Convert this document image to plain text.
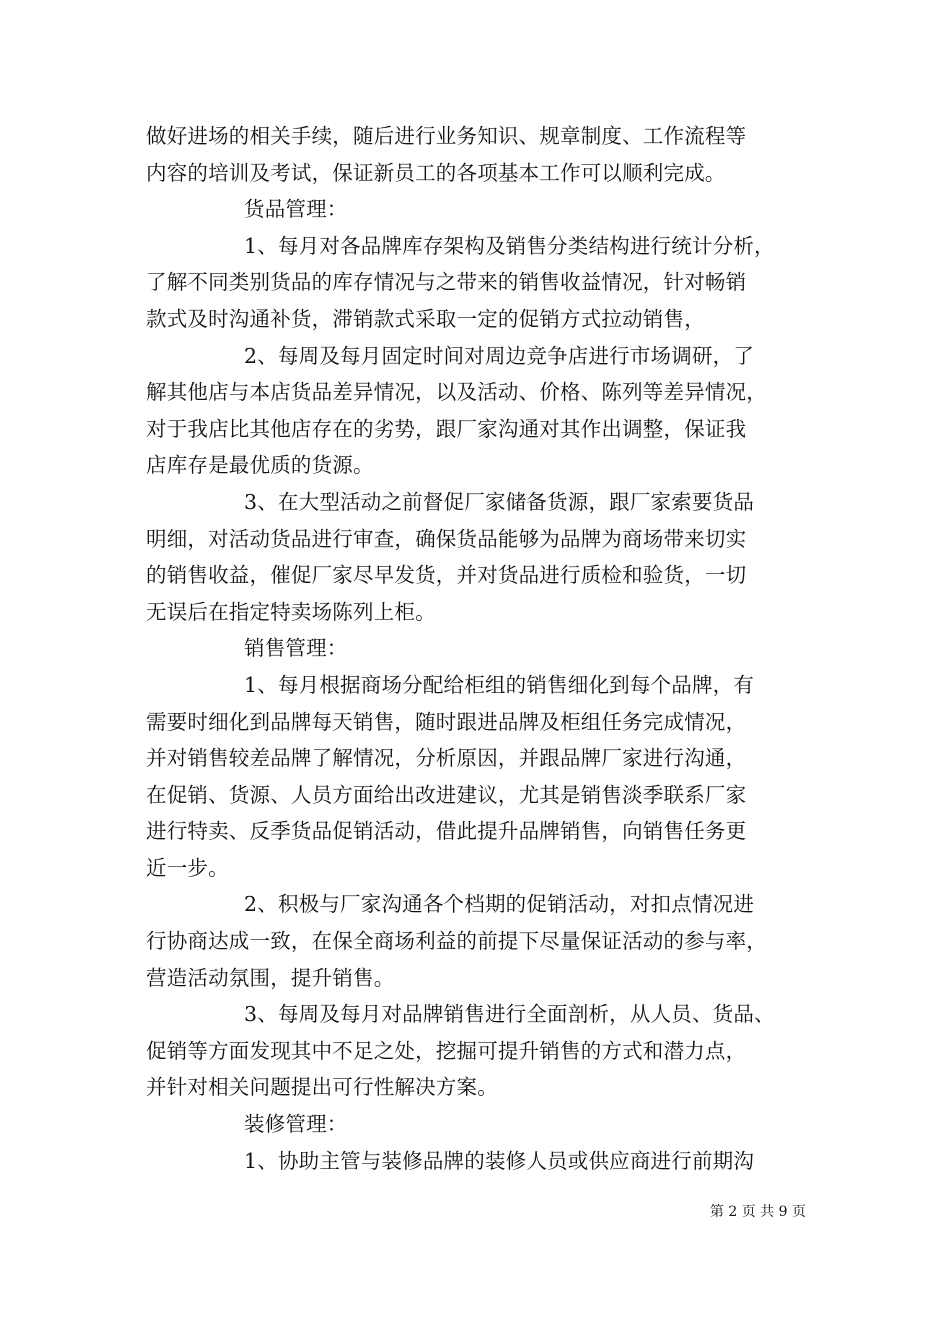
做好进场的相关手续，随后进行业务知识、规章制度、工作流程等
内容的培训及考试，保证新员工的各项基本工作可以顺利完成。
货品管理：
1、每月对各品牌库存架构及销售分类结构进行统计分析，
了解不同类别货品的库存情况与之带来的销售收益情况，针对畅销
款式及时沟通补货，滞销款式采取一定的促销方式拉动销售，
2、每周及每月固定时间对周边竞争店进行市场调研，了
解其他店与本店货品差异情况，以及活动、价格、陈列等差异情况，
对于我店比其他店存在的劣势，跟厂家沟通对其作出调整，保证我
店库存是最优质的货源。
3、在大型活动之前督促厂家储备货源，跟厂家索要货品
明细，对活动货品进行审查，确保货品能够为品牌为商场带来切实
的销售收益，催促厂家尽早发货，并对货品进行质检和验货，一切
无误后在指定特卖场陈列上柜。
销售管理：
1、每月根据商场分配给柜组的销售细化到每个品牌，有
需要时细化到品牌每天销售，随时跟进品牌及柜组任务完成情况，
并对销售较差品牌了解情况，分析原因，并跟品牌厂家进行沟通，
在促销、货源、人员方面给出改进建议，尤其是销售淡季联系厂家
进行特卖、反季货品促销活动，借此提升品牌销售，向销售任务更
近一步。
2、积极与厂家沟通各个档期的促销活动，对扣点情况进
行协商达成一致，在保全商场利益的前提下尽量保证活动的参与率，
营造活动氛围，提升销售。
3、每周及每月对品牌销售进行全面剖析，从人员、货品、
促销等方面发现其中不足之处，挖掘可提升销售的方式和潜力点，
并针对相关问题提出可行性解决方案。
装修管理：
1、协助主管与装修品牌的装修人员或供应商进行前期沟
第 2 页 共 9 页
